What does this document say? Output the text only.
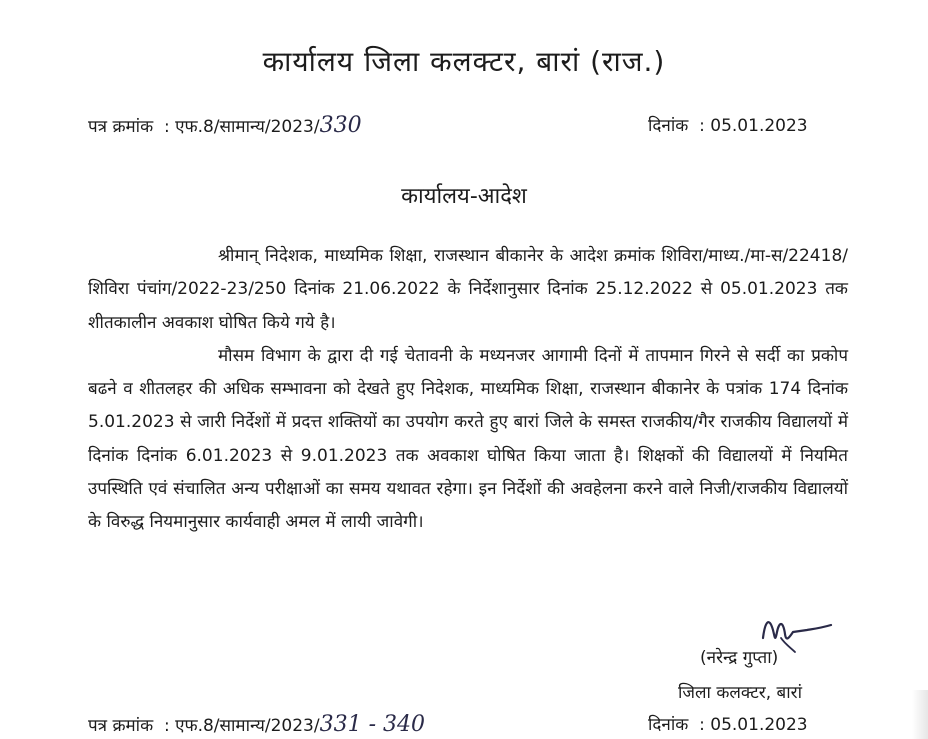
कार्यालय जिला कलक्टर, बारां (राज.)
पत्र क्रमांक : एफ.8/सामान्य/2023/330	दिनांक : 05.01.2023
कार्यालय-आदेश

श्रीमान् निदेशक, माध्यमिक शिक्षा, राजस्थान बीकानेर के आदेश क्रमांक शिविरा/माध्य./मा-स/22418/शिविरा पंचांग/2022-23/250 दिनांक 21.06.2022 के निर्देशानुसार दिनांक 25.12.2022 से 05.01.2023 तक शीतकालीन अवकाश घोषित किये गये है।

मौसम विभाग के द्वारा दी गई चेतावनी के मध्यनजर आगामी दिनों में तापमान गिरने से सर्दी का प्रकोप बढने व शीतलहर की अधिक सम्भावना को देखते हुए निदेशक, माध्यमिक शिक्षा, राजस्थान बीकानेर के पत्रांक 174 दिनांक 5.01.2023 से जारी निर्देशों में प्रदत्त शक्तियों का उपयोग करते हुए बारां जिले के समस्त राजकीय/गैर राजकीय विद्यालयों में दिनांक दिनांक 6.01.2023 से 9.01.2023 तक अवकाश घोषित किया जाता है। शिक्षकों की विद्यालयों में नियमित उपस्थिति एवं संचालित अन्य परीक्षाओं का समय यथावत रहेगा। इन निर्देशों की अवहेलना करने वाले निजी/राजकीय विद्यालयों के विरुद्ध नियमानुसार कार्यवाही अमल में लायी जावेगी।

(नरेन्द्र गुप्ता)
जिला कलक्टर, बारां
पत्र क्रमांक : एफ.8/सामान्य/2023/331 - 340	दिनांक : 05.01.2023
